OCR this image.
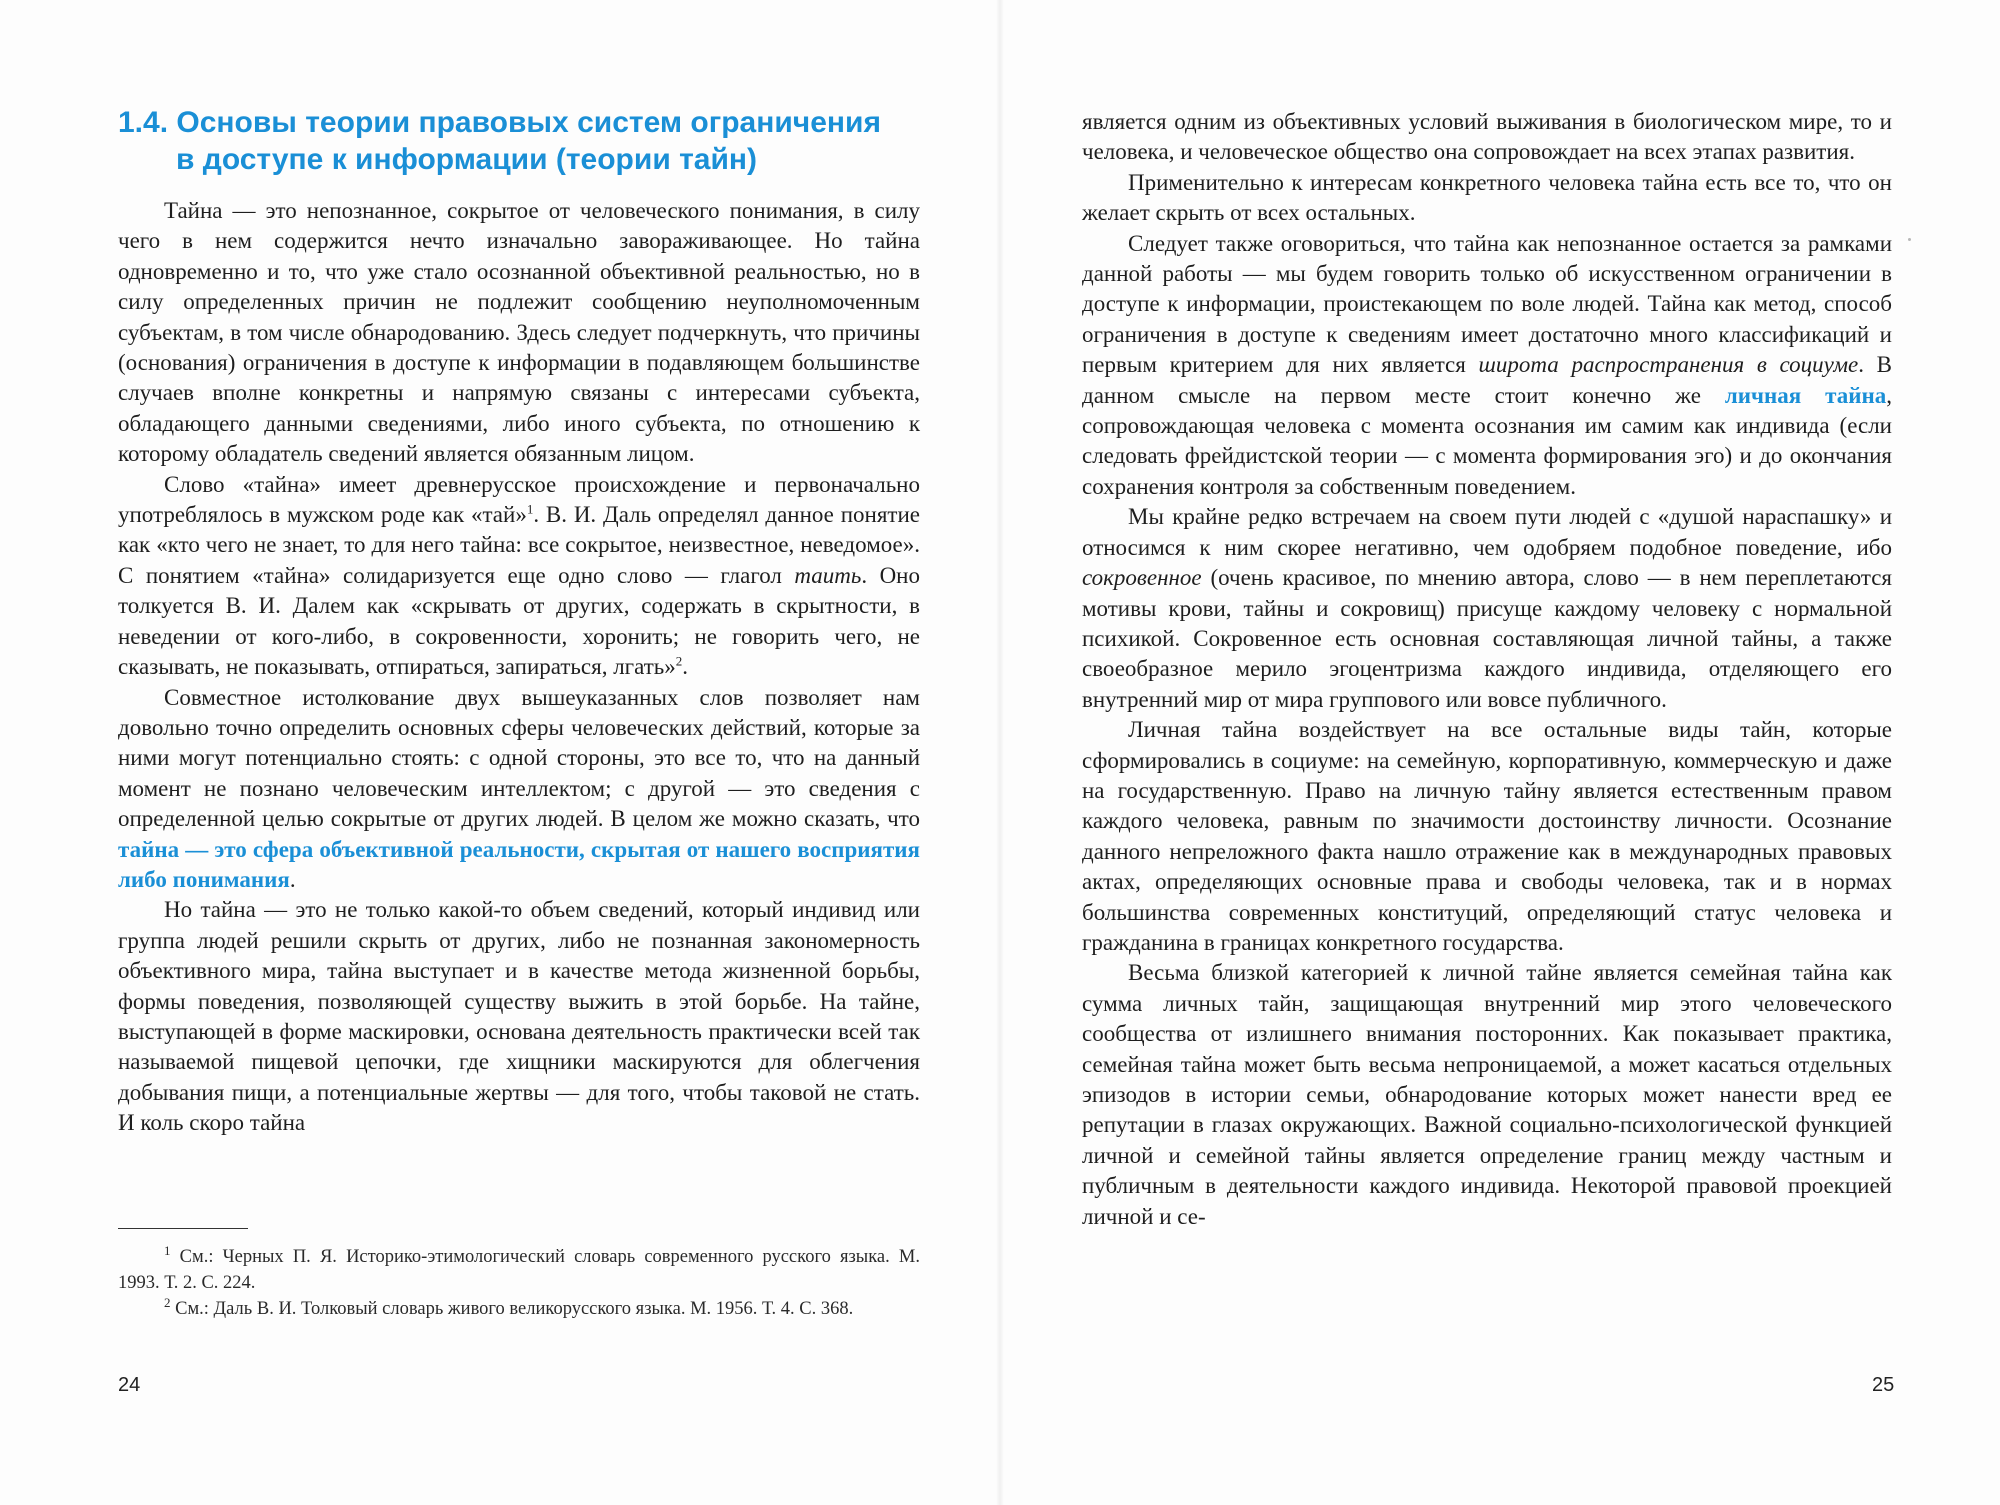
1.4. Основы теории правовых систем ограничения
в доступе к информации (теории тайн)

Тайна — это непознанное, сокрытое от человеческого понимания, в силу чего в нем содержится нечто изначально завораживающее. Но тайна одновременно и то, что уже стало осознанной объективной реальностью, но в силу определенных причин не подлежит сообщению неуполномоченным субъектам, в том числе обнародованию. Здесь следует подчеркнуть, что причины (основания) ограничения в доступе к информации в подавляющем большинстве случаев вполне конкретны и напрямую связаны с интересами субъекта, обладающего данными сведениями, либо иного субъекта, по отношению к которому обладатель сведений является обязанным лицом.

Слово «тайна» имеет древнерусское происхождение и первоначально употреблялось в мужском роде как «тай»$^1$. В. И. Даль определял данное понятие как «кто чего не знает, то для него тайна: все сокрытое, неизвестное, неведомое». С понятием «тайна» солидаризуется еще одно слово — глагол таить. Оно толкуется В. И. Далем как «скрывать от других, содержать в скрытности, в неведении от кого-либо, в сокровенности, хоронить; не говорить чего, не сказывать, не показывать, отпираться, запираться, лгать»$^2$.

Совместное истолкование двух вышеуказанных слов позволяет нам довольно точно определить основных сферы человеческих действий, которые за ними могут потенциально стоять: с одной стороны, это все то, что на данный момент не познано человеческим интеллектом; с другой — это сведения с определенной целью сокрытые от других людей. В целом же можно сказать, что тайна — это сфера объективной реальности, скрытая от нашего восприятия либо понимания.

Но тайна — это не только какой-то объем сведений, который индивид или группа людей решили скрыть от других, либо не познанная закономерность объективного мира, тайна выступает и в качестве метода жизненной борьбы, формы поведения, позволяющей существу выжить в этой борьбе. На тайне, выступающей в форме маскировки, основана деятельность практически всей так называемой пищевой цепочки, где хищники маскируются для облегчения добывания пищи, а потенциальные жертвы — для того, чтобы таковой не стать. И коль скоро тайна

$^1$ См.: Черных П. Я. Историко-этимологический словарь современного русского языка. М. 1993. Т. 2. С. 224.

$^2$ См.: Даль В. И. Толковый словарь живого великорусского языка. М. 1956. Т. 4. С. 368.

24

является одним из объективных условий выживания в биологическом мире, то и человека, и человеческое общество она сопровождает на всех этапах развития.

Применительно к интересам конкретного человека тайна есть все то, что он желает скрыть от всех остальных.

Следует также оговориться, что тайна как непознанное остается за рамками данной работы — мы будем говорить только об искусственном ограничении в доступе к информации, проистекающем по воле людей. Тайна как метод, способ ограничения в доступе к сведениям имеет достаточно много классификаций и первым критерием для них является широта распространения в социуме. В данном смысле на первом месте стоит конечно же личная тайна, сопровождающая человека с момента осознания им самим как индивида (если следовать фрейдистской теории — с момента формирования эго) и до окончания сохранения контроля за собственным поведением.

Мы крайне редко встречаем на своем пути людей с «душой нараспашку» и относимся к ним скорее негативно, чем одобряем подобное поведение, ибо сокровенное (очень красивое, по мнению автора, слово — в нем переплетаются мотивы крови, тайны и сокровищ) присуще каждому человеку с нормальной психикой. Сокровенное есть основная составляющая личной тайны, а также своеобразное мерило эгоцентризма каждого индивида, отделяющего его внутренний мир от мира группового или вовсе публичного.

Личная тайна воздействует на все остальные виды тайн, которые сформировались в социуме: на семейную, корпоративную, коммерческую и даже на государственную. Право на личную тайну является естественным правом каждого человека, равным по значимости достоинству личности. Осознание данного непреложного факта нашло отражение как в международных правовых актах, определяющих основные права и свободы человека, так и в нормах большинства современных конституций, определяющий статус человека и гражданина в границах конкретного государства.

Весьма близкой категорией к личной тайне является семейная тайна как сумма личных тайн, защищающая внутренний мир этого человеческого сообщества от излишнего внимания посторонних. Как показывает практика, семейная тайна может быть весьма непроницаемой, а может касаться отдельных эпизодов в истории семьи, обнародование которых может нанести вред ее репутации в глазах окружающих. Важной социально-психологической функцией личной и семейной тайны является определение границ между частным и публичным в деятельности каждого индивида. Некоторой правовой проекцией личной и се-

25
